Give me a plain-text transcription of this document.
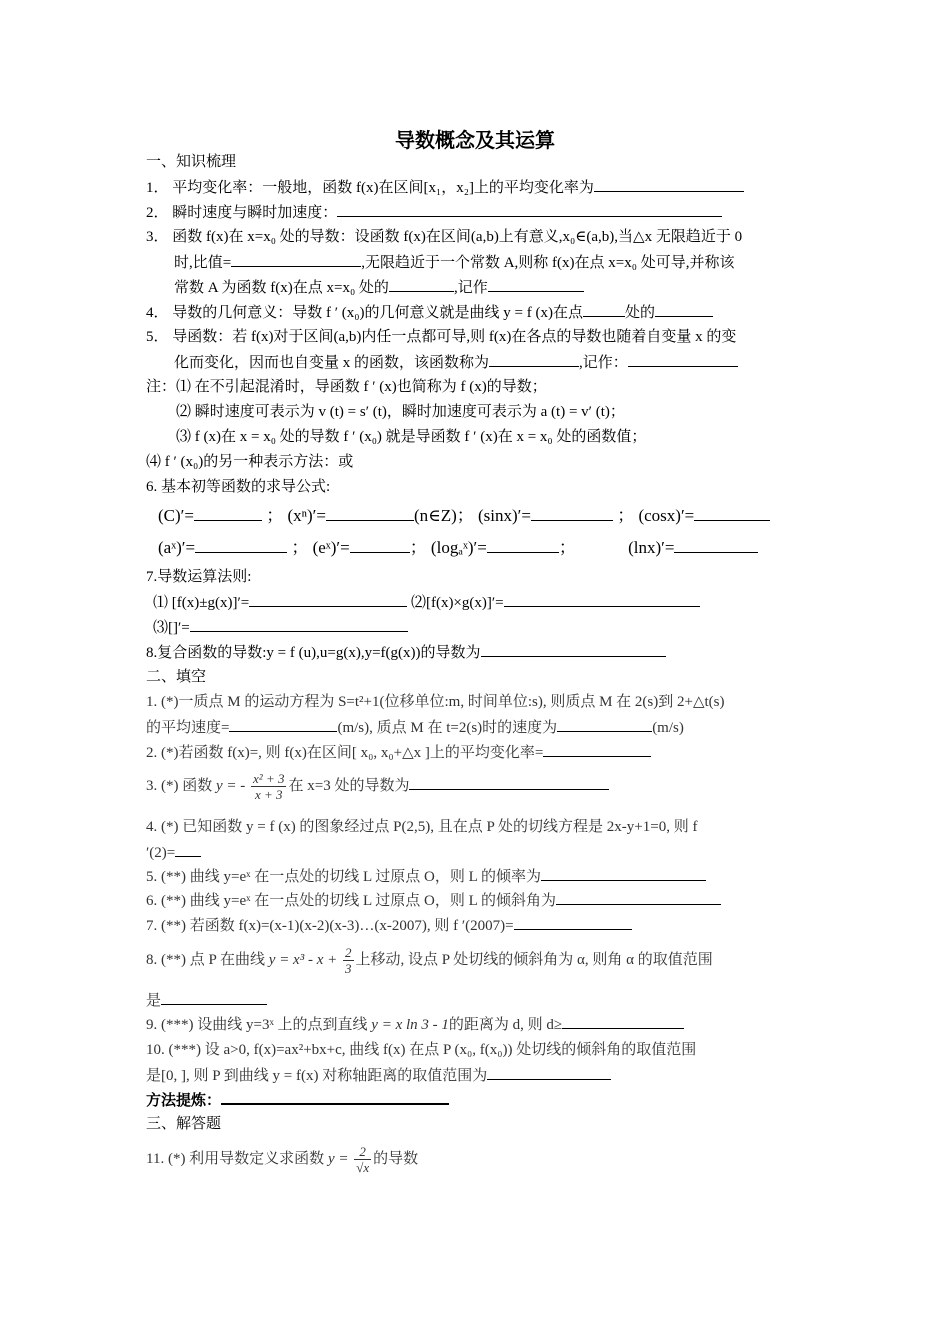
导数概念及其运算
一、知识梳理
1． 平均变化率：一般地，函数 f(x)在区间[x₁，x₂]上的平均变化率为
2． 瞬时速度与瞬时加速度：
3． 函数 f(x)在 x=x₀ 处的导数：设函数 f(x)在区间(a,b)上有意义,x₀∈(a,b),当△x 无限趋近于 0
时,比值=	,无限趋近于一个常数 A,则称 f(x)在点 x=x₀ 处可导,并称该
常数 A 为函数 f(x)在点 x=x₀ 处的	,记作
4． 导数的几何意义：导数 f ′ (x₀)的几何意义就是曲线 y = f (x)在点	处的
5． 导函数：若 f(x)对于区间(a,b)内任一点都可导,则 f(x)在各点的导数也随着自变量 x 的变
化而变化，因而也自变量 x 的函数，该函数称为	,记作：
注：⑴ 在不引起混淆时，导函数 f ′ (x)也简称为 f (x)的导数；
⑵ 瞬时速度可表示为 v (t) = s′ (t)，瞬时加速度可表示为 a (t) = v′ (t)；
⑶ f (x)在 x = x₀ 处的导数 f ′ (x₀) 就是导函数 f ′ (x)在 x = x₀ 处的函数值；
⑷ f ′ (x₀)的另一种表示方法：或
6. 基本初等函数的求导公式:
(C)′=	； (xⁿ)′=	(n∈Z)； (sinx)′=	； (cosx)′=
(aˣ)′=	； (eˣ)′=	； (logₐˣ)′=	；	(lnx)′=
7.导数运算法则:
⑴ [f(x)±g(x)]′=	⑵[f(x)×g(x)]′=
⑶[]′=
8.复合函数的导数:y = f (u),u=g(x),y=f(g(x))的导数为
二、填空
1. (*)一质点 M 的运动方程为 S=t²+1(位移单位:m, 时间单位:s), 则质点 M 在 2(s)到 2+△t(s)
的平均速度=	(m/s), 质点 M 在 t=2(s)时的速度为	(m/s)
2. (*)若函数 f(x)=, 则 f(x)在区间[ x₀, x₀+△x ]上的平均变化率=
3. (*) 函数 y = - $\frac{\text{x² + 3}}{x + 3}$ 在 x=3 处的导数为
4. (*) 已知函数 y = f (x) 的图象经过点 P(2,5), 且在点 P 处的切线方程是 2x-y+1=0, 则 f
′(2)=
5. (**) 曲线 y=eˣ 在一点处的切线 L 过原点 O，则 L 的倾率为
6. (**) 曲线 y=eˣ 在一点处的切线 L 过原点 O，则 L 的倾斜角为
7. (**) 若函数 f(x)=(x-1)(x-2)(x-3)…(x-2007), 则 f ′(2007)=
8. (**) 点 P 在曲线 $y = x^3 - x + \frac{2}{3}$ 上移动, 设点 P 处切线的倾斜角为 α, 则角 α 的取值范围
是
9. (***) 设曲线 y=3ˣ 上的点到直线 y = x ln 3 - 1的距离为 d, 则 d≥
10. (***) 设 a>0, f(x)=ax²+bx+c, 曲线 f(x) 在点 P (x₀, f(x₀)) 处切线的倾斜角的取值范围
是[0, ], 则 P 到曲线 y = f(x) 对称轴距离的取值范围为
方法提炼：
三、解答题
11. (*) 利用导数定义求函数 $y = \frac{2}{√x}$ 的导数
